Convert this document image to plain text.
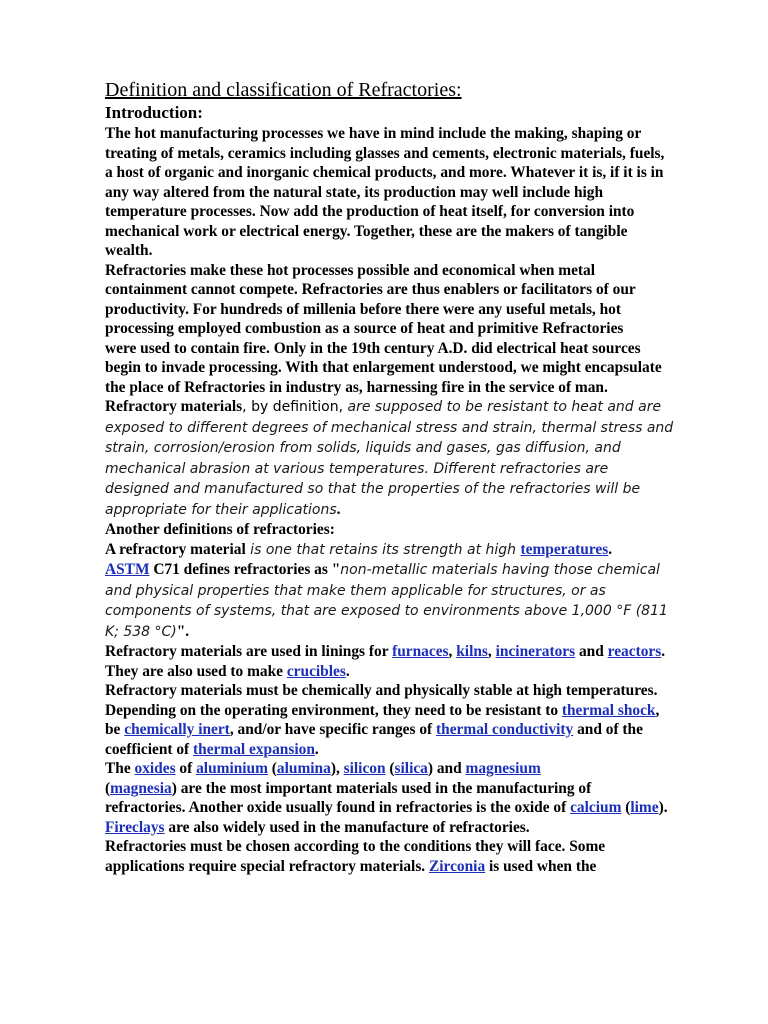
Definition and classification of Refractories:
Introduction:

The hot manufacturing processes we have in mind include the making, shaping or treating of metals, ceramics including glasses and cements, electronic materials, fuels, a host of organic and inorganic chemical products, and more. Whatever it is, if it is in any way altered from the natural state, its production may well include high temperature processes. Now add the production of heat itself, for conversion into mechanical work or electrical energy. Together, these are the makers of tangible wealth.

Refractories make these hot processes possible and economical when metal containment cannot compete. Refractories are thus enablers or facilitators of our productivity. For hundreds of millenia before there were any useful metals, hot processing employed combustion as a source of heat and primitive Refractories

were used to contain fire. Only in the 19th century A.D. did electrical heat sources begin to invade processing. With that enlargement understood, we might encapsulate the place of Refractories in industry as, harnessing fire in the service of man.

Refractory materials, by definition, are supposed to be resistant to heat and are exposed to different degrees of mechanical stress and strain, thermal stress and strain, corrosion/erosion from solids, liquids and gases, gas diffusion, and mechanical abrasion at various temperatures. Different refractories are designed and manufactured so that the properties of the refractories will be appropriate for their applications.

Another definitions of refractories:

A refractory material is one that retains its strength at high temperatures.
ASTM C71 defines refractories as "non-metallic materials having those chemical and physical properties that make them applicable for structures, or as components of systems, that are exposed to environments above 1,000 °F (811 K; 538 °C)".

Refractory materials are used in linings for furnaces, kilns, incinerators and reactors. They are also used to make crucibles.

Refractory materials must be chemically and physically stable at high temperatures. Depending on the operating environment, they need to be resistant to thermal shock, be chemically inert, and/or have specific ranges of thermal conductivity and of the coefficient of thermal expansion.

The oxides of aluminium (alumina), silicon (silica) and magnesium
(magnesia) are the most important materials used in the manufacturing of refractories. Another oxide usually found in refractories is the oxide of calcium (lime). Fireclays are also widely used in the manufacture of refractories.

Refractories must be chosen according to the conditions they will face. Some applications require special refractory materials. Zirconia is used when the
